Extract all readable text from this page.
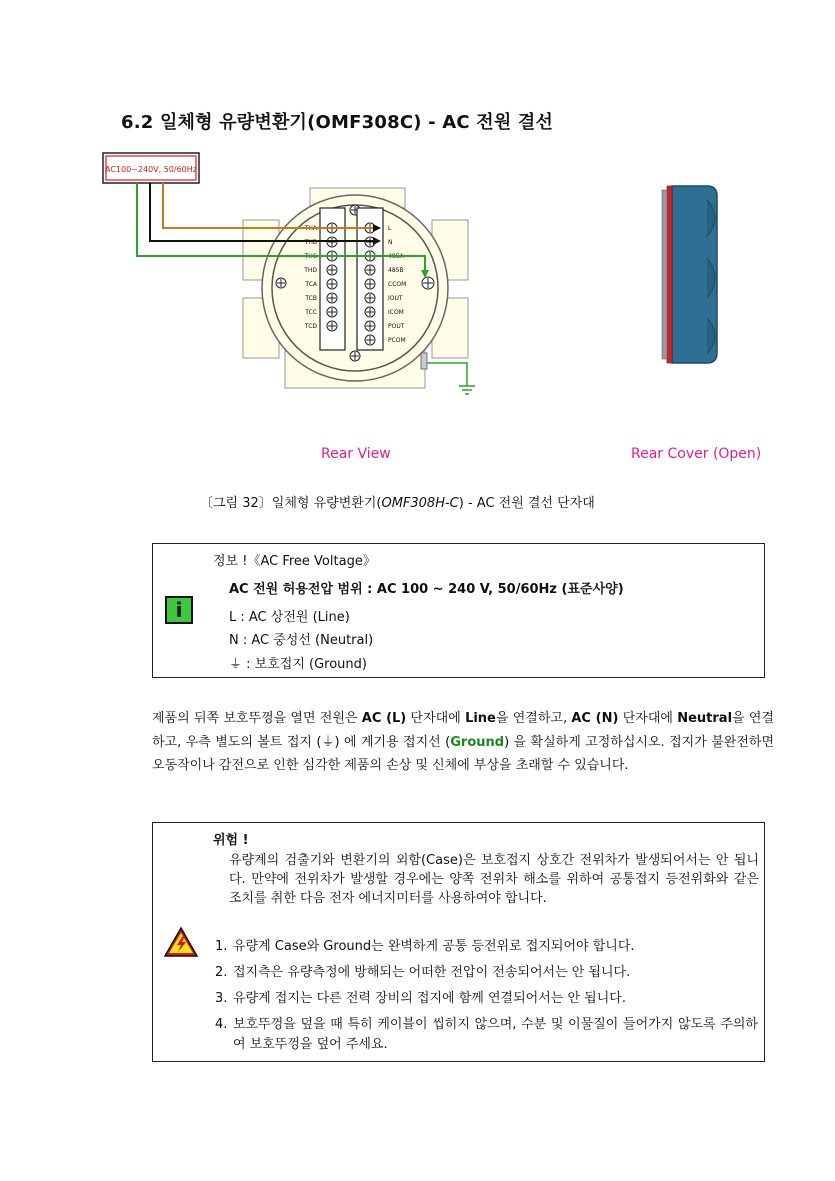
6.2 일체형 유량변환기(OMF308C) - AC 전원 결선
AC100~240V, 50/60Hz
THA
THB
THC
THD
TCA
TCB
TCC
TCD
L
N
485A
485B
CCOM
IOUT
ICOM
POUT
PCOM
Rear View	Rear Cover (Open)
〔그림 32〕일체형 유량변환기(OMF308H-C) - AC 전원 결선 단자대
i
정보 !《AC Free Voltage》
AC 전원 허용전압 범위 : AC 100 ~ 240 V, 50/60Hz (표준사양)
L : AC 상전원 (Line)
N : AC 중성선 (Neutral)
⏚ : 보호접지 (Ground)
제품의 뒤쪽 보호뚜껑을 열면 전원은 AC (L) 단자대에 Line을 연결하고, AC (N) 단자대에 Neutral을 연결하고, 우측 별도의 볼트 접지 (⏚) 에 계기용 접지선 (Ground) 을 확실하게 고정하십시오. 접지가 불완전하면 오동작이나 감전으로 인한 심각한 제품의 손상 및 신체에 부상을 초래할 수 있습니다.
위험 !
유량계의 검출기와 변환기의 외함(Case)은 보호접지 상호간 전위차가 발생되어서는 안 됩니다. 만약에 전위차가 발생할 경우에는 양쪽 전위차 해소를 위하여 공통접지 등전위화와 같은 조치를 취한 다음 전자 에너지미터를 사용하여야 합니다.
1. 유량계 Case와 Ground는 완벽하게 공통 등전위로 접지되어야 합니다.
2. 접지측은 유량측정에 방해되는 어떠한 전압이 전송되어서는 안 됩니다.
3. 유량계 접지는 다른 전력 장비의 접지에 함께 연결되어서는 안 됩니다.
4. 보호뚜껑을 덮을 때 특히 케이블이 씹히지 않으며, 수분 및 이물질이 들어가지 않도록 주의하여 보호뚜껑을 덮어 주세요.
